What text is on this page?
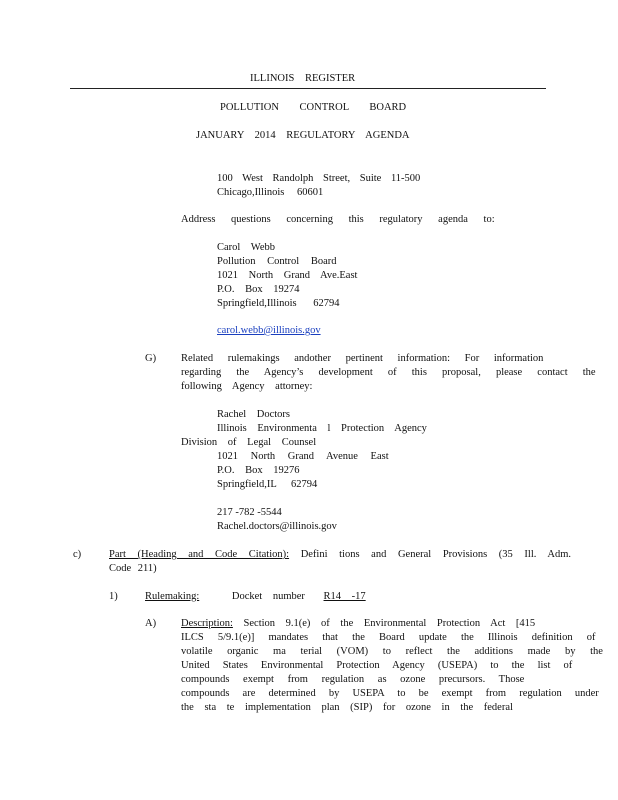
ILLINOIS REGISTER
POLLUTION CONTROL BOARD
JANUARY 2014 REGULATORY AGENDA
100 West Randolph Street, Suite 11-500
Chicago,Illinois 60601
Address questions concerning this regulatory agenda to:
Carol Webb
Pollution Control Board
1021 North Grand Ave.East
P.O. Box 19274
Springfield,Illinois 62794
carol.webb@illinois.gov
G) Related rulemakings andother pertinent information: For information
regarding the Agency’s development of this proposal, please contact the
following Agency attorney:
Rachel Doctors
Illinois Environmenta l Protection Agency
Division of Legal Counsel
1021 North Grand Avenue East
P.O. Box 19276
Springfield,IL 62794
217 -782 -5544
Rachel.doctors@illinois.gov
c)	Part (Heading and Code Citation): Defini tions and General Provisions (35 Ill. Adm.
Code 211)
1)	Rulemaking:	Docket number R14 -17
A) Description: Section 9.1(e) of the Environmental Protection Act [415
ILCS 5/9.1(e)] mandates that the Board update the Illinois definition of
volatile organic ma terial (VOM) to reflect the additions made by the
United States Environmental Protection Agency (USEPA) to the list of
compounds exempt from regulation as ozone precursors. Those
compounds are determined by USEPA to be exempt from regulation under
the sta te implementation plan (SIP) for ozone in the federal
